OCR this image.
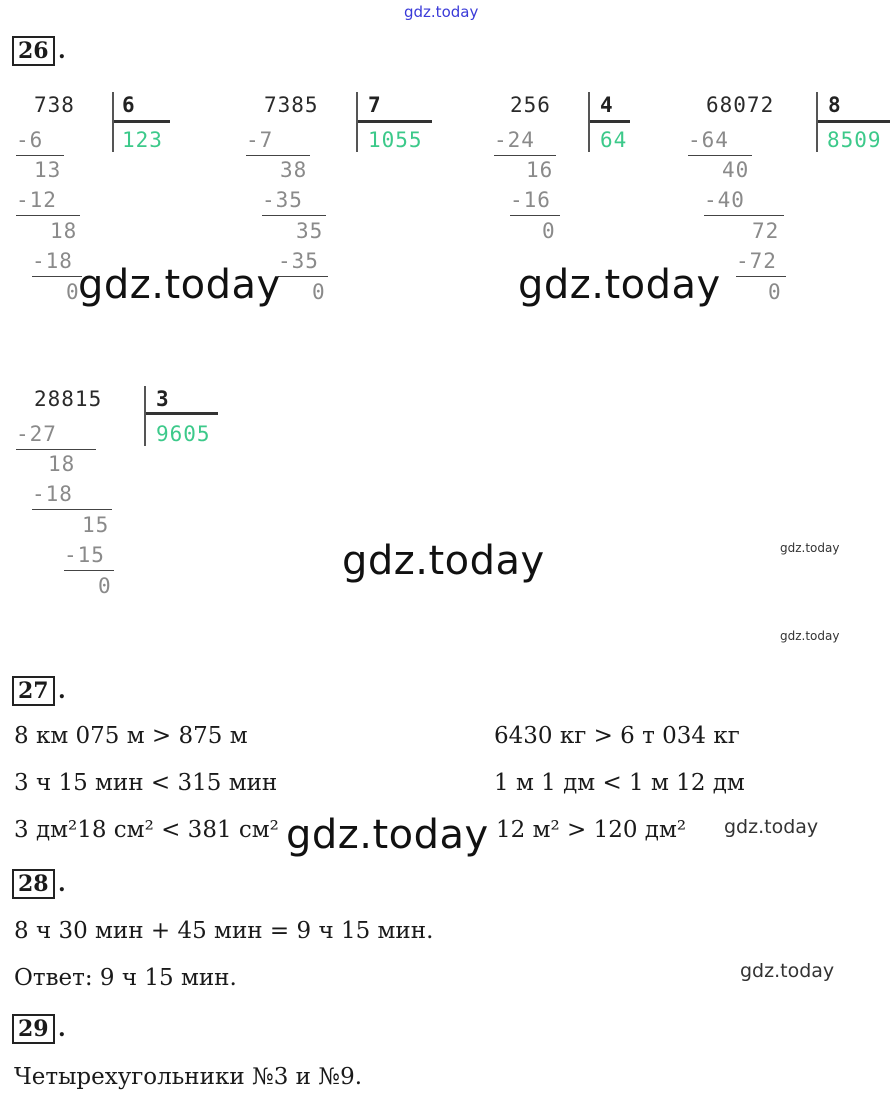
gdz.today
26 .
738 6
123
-6
13
-12
18
-18
0
7385 7
1055
-7
38
-35
35
-35
0
256 4
64
-24
16
-16
0
68072	8
8509
-64
40
-40
72
-72
0
28815	3
9605
-27
18
-18
15
-15
0
gdz.today	gdz.today
gdz.today	gdz.today
gdz.today
27 .
8 км 075 м > 875 м	6430 кг > 6 т 034 кг
3 ч 15 мин < 315 мин	1 м 1 дм < 1 м 12 дм
3 дм²18 см² < 381 см²	12 м² > 120 дм²
gdz.today	gdz.today
28 .
8 ч 30 мин + 45 мин = 9 ч 15 мин.
Ответ: 9 ч 15 мин.	gdz.today
29 .
Четырехугольники №3 и №9.
